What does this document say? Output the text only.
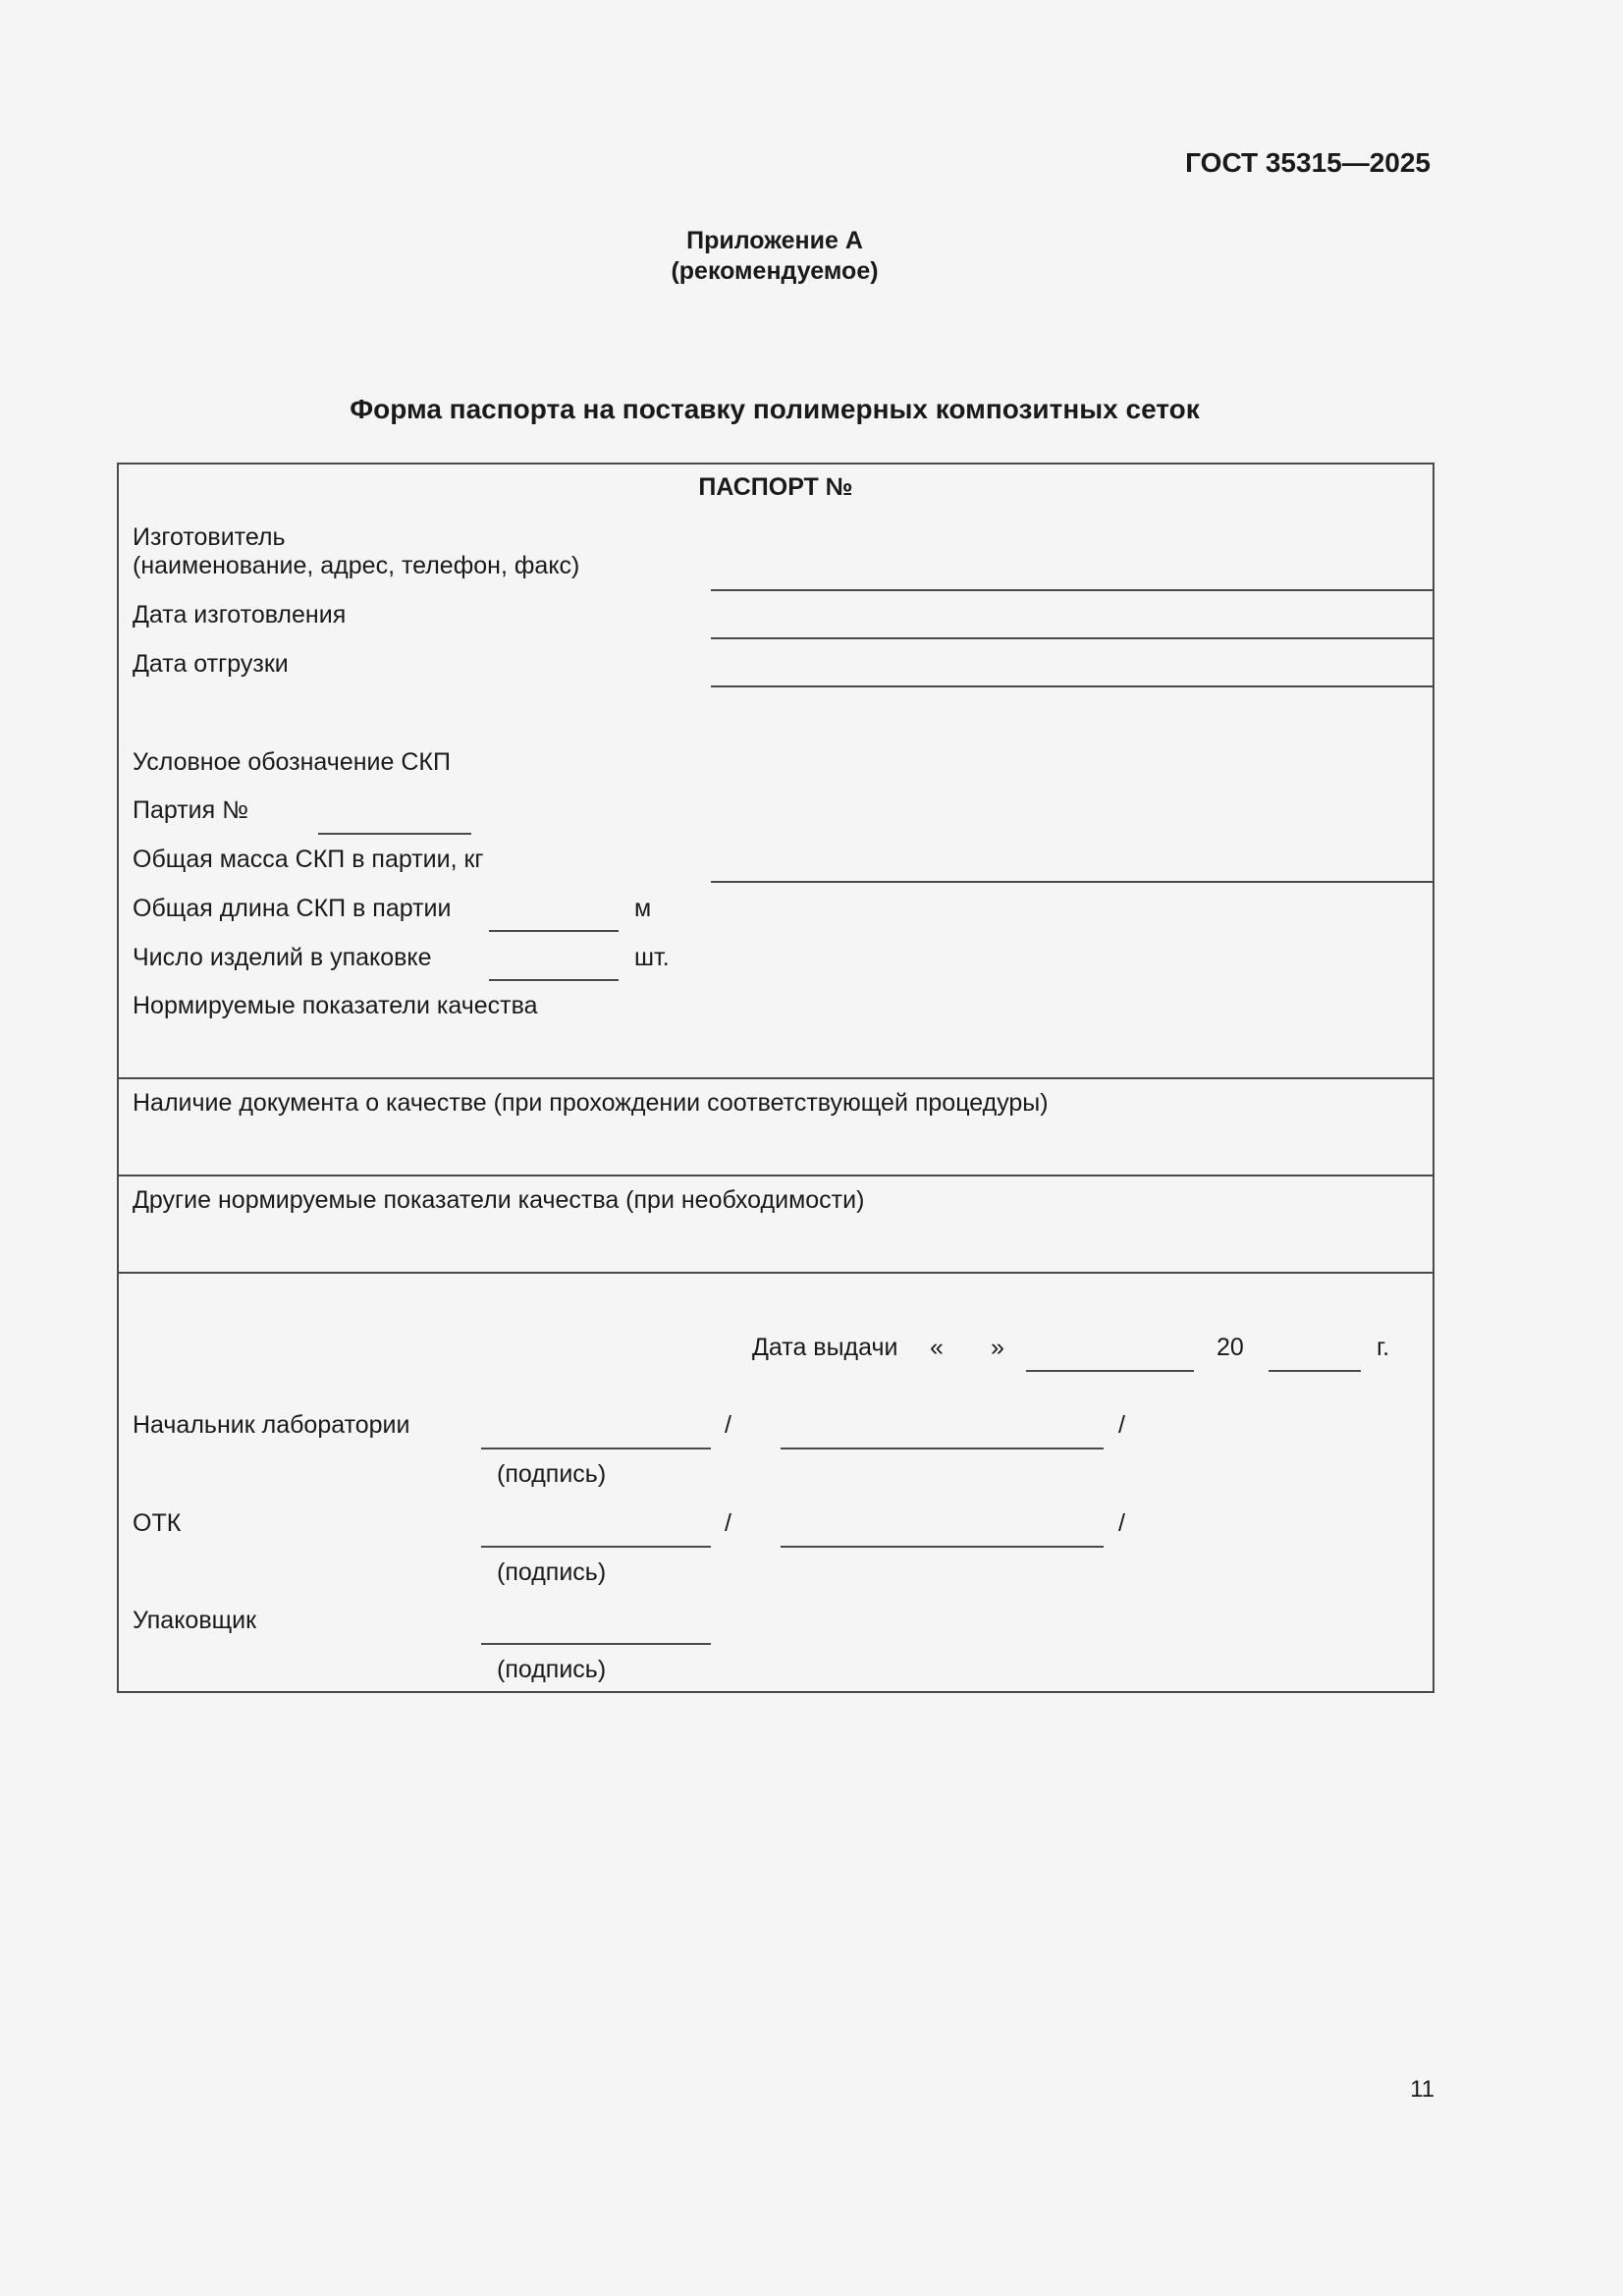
ГОСТ 35315—2025
Приложение А
(рекомендуемое)
Форма паспорта на поставку полимерных композитных сеток
ПАСПОРТ №
Изготовитель
(наименование, адрес, телефон, факс)
Дата изготовления
Дата отгрузки
Условное обозначение СКП
Партия №
Общая масса СКП в партии, кг
Общая длина СКП в партии	м
Число изделий в упаковке	шт.
Нормируемые показатели качества
Наличие документа о качестве (при прохождении соответствующей процедуры)
Другие нормируемые показатели качества (при необходимости)
Дата выдачи « »	20	г.
Начальник лаборатории	/	/
(подпись)
ОТК	/	/
(подпись)
Упаковщик
(подпись)
11
